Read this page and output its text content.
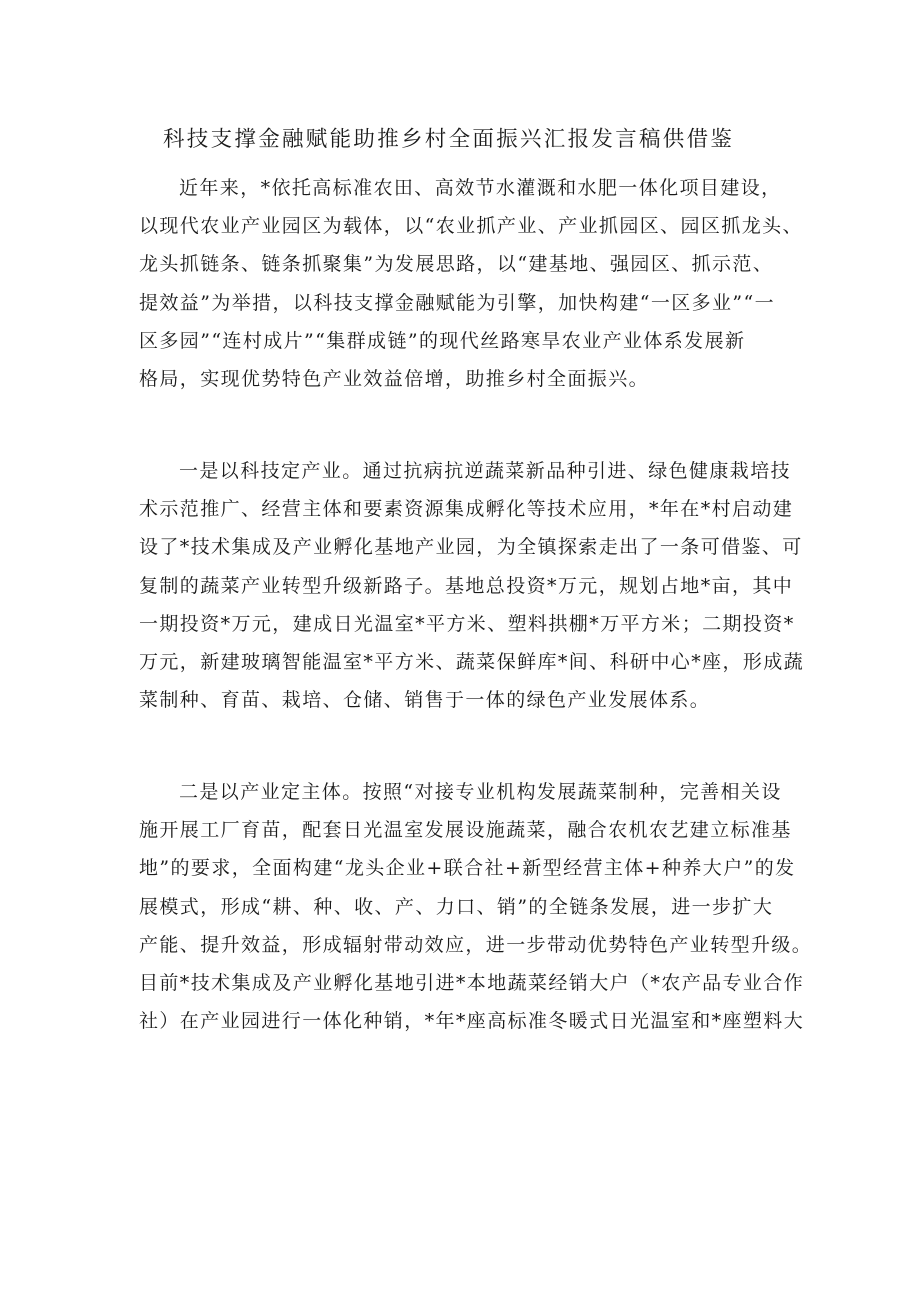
科技支撑金融赋能助推乡村全面振兴汇报发言稿供借鉴
近年来，*依托高标准农田、高效节水灌溉和水肥一体化项目建设，
以现代农业产业园区为载体，以“农业抓产业、产业抓园区、园区抓龙头、
龙头抓链条、链条抓聚集”为发展思路，以“建基地、强园区、抓示范、
提效益”为举措，以科技支撑金融赋能为引擎，加快构建“一区多业”“一
区多园”“连村成片”“集群成链”的现代丝路寒旱农业产业体系发展新
格局，实现优势特色产业效益倍增，助推乡村全面振兴。
一是以科技定产业。通过抗病抗逆蔬菜新品种引进、绿色健康栽培技
术示范推广、经营主体和要素资源集成孵化等技术应用，*年在*村启动建
设了*技术集成及产业孵化基地产业园，为全镇探索走出了一条可借鉴、可
复制的蔬菜产业转型升级新路子。基地总投资*万元，规划占地*亩，其中
一期投资*万元，建成日光温室*平方米、塑料拱棚*万平方米；二期投资*
万元，新建玻璃智能温室*平方米、蔬菜保鲜库*间、科研中心*座，形成蔬
菜制种、育苗、栽培、仓储、销售于一体的绿色产业发展体系。
二是以产业定主体。按照“对接专业机构发展蔬菜制种，完善相关设
施开展工厂育苗，配套日光温室发展设施蔬菜，融合农机农艺建立标准基
地”的要求，全面构建“龙头企业+联合社+新型经营主体+种养大户”的发
展模式，形成“耕、种、收、产、力口、销”的全链条发展，进一步扩大
产能、提升效益，形成辐射带动效应，进一步带动优势特色产业转型升级。
目前*技术集成及产业孵化基地引进*本地蔬菜经销大户（*农产品专业合作
社）在产业园进行一体化种销，*年*座高标准冬暖式日光温室和*座塑料大
